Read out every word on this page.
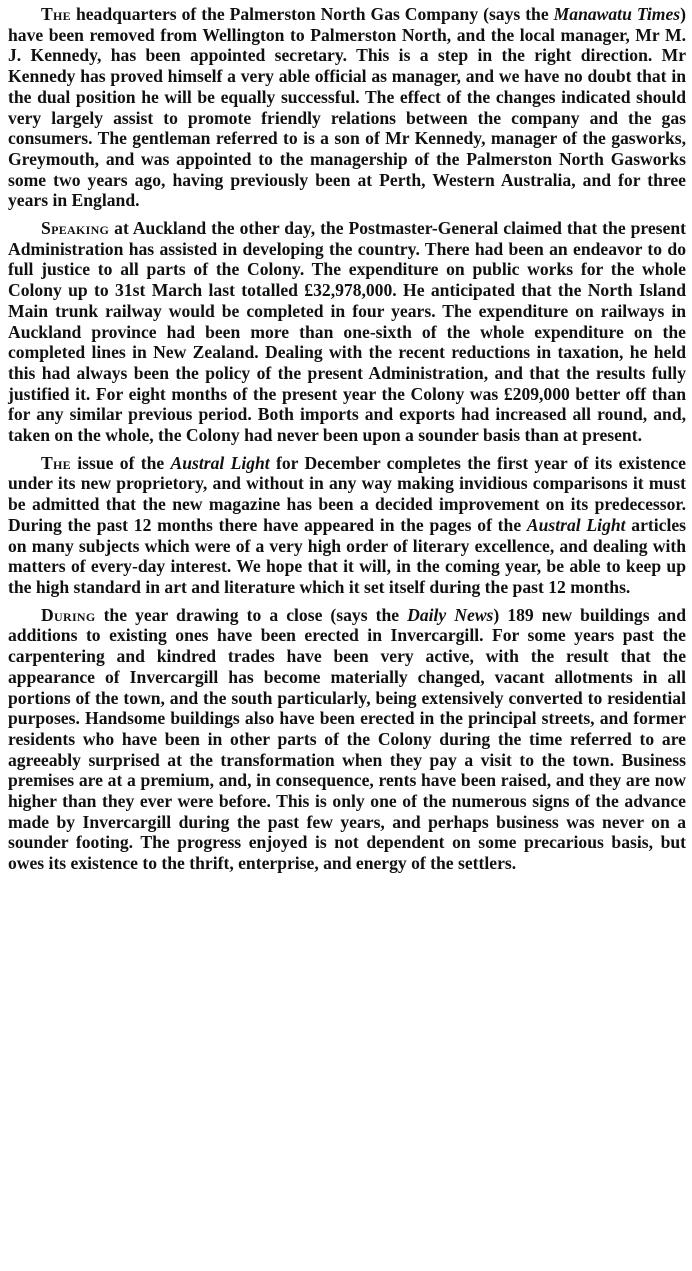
The headquarters of the Palmerston North Gas Company (says the Manawatu Times) have been removed from Wellington to Palmerston North, and the local manager, Mr M. J. Kennedy, has been appointed secretary. This is a step in the right direction. Mr Kennedy has proved himself a very able official as manager, and we have no doubt that in the dual position he will be equally successful. The effect of the changes indicated should very largely assist to promote friendly relations between the company and the gas consumers. The gentleman referred to is a son of Mr Kennedy, manager of the gasworks, Greymouth, and was appointed to the managership of the Palmerston North Gasworks some two years ago, having previously been at Perth, Western Australia, and for three years in England.

Speaking at Auckland the other day, the Postmaster-General claimed that the present Administration has assisted in developing the country. There had been an endeavor to do full justice to all parts of the Colony. The expenditure on public works for the whole Colony up to 31st March last totalled £32,978,000. He anticipated that the North Island Main trunk railway would be completed in four years. The expenditure on railways in Auckland province had been more than one-sixth of the whole expenditure on the completed lines in New Zealand. Dealing with the recent reductions in taxation, he held this had always been the policy of the present Administration, and that the results fully justified it. For eight months of the present year the Colony was £209,000 better off than for any similar previous period. Both imports and exports had increased all round, and, taken on the whole, the Colony had never been upon a sounder basis than at present.

The issue of the Austral Light for December completes the first year of its existence under its new proprietory, and without in any way making invidious comparisons it must be admitted that the new magazine has been a decided improvement on its predecessor. During the past 12 months there have appeared in the pages of the Austral Light articles on many subjects which were of a very high order of literary excellence, and dealing with matters of every-day interest. We hope that it will, in the coming year, be able to keep up the high standard in art and literature which it set itself during the past 12 months.

During the year drawing to a close (says the Daily News) 189 new buildings and additions to existing ones have been erected in Invercargill. For some years past the carpentering and kindred trades have been very active, with the result that the appearance of Invercargill has become materially changed, vacant allotments in all portions of the town, and the south particularly, being extensively converted to residential purposes. Handsome buildings also have been erected in the principal streets, and former residents who have been in other parts of the Colony during the time referred to are agreeably surprised at the transformation when they pay a visit to the town. Business premises are at a premium, and, in consequence, rents have been raised, and they are now higher than they ever were before. This is only one of the numerous signs of the advance made by Invercargill during the past few years, and perhaps business was never on a sounder footing. The progress enjoyed is not dependent on some precarious basis, but owes its existence to the thrift, enterprise, and energy of the settlers.
